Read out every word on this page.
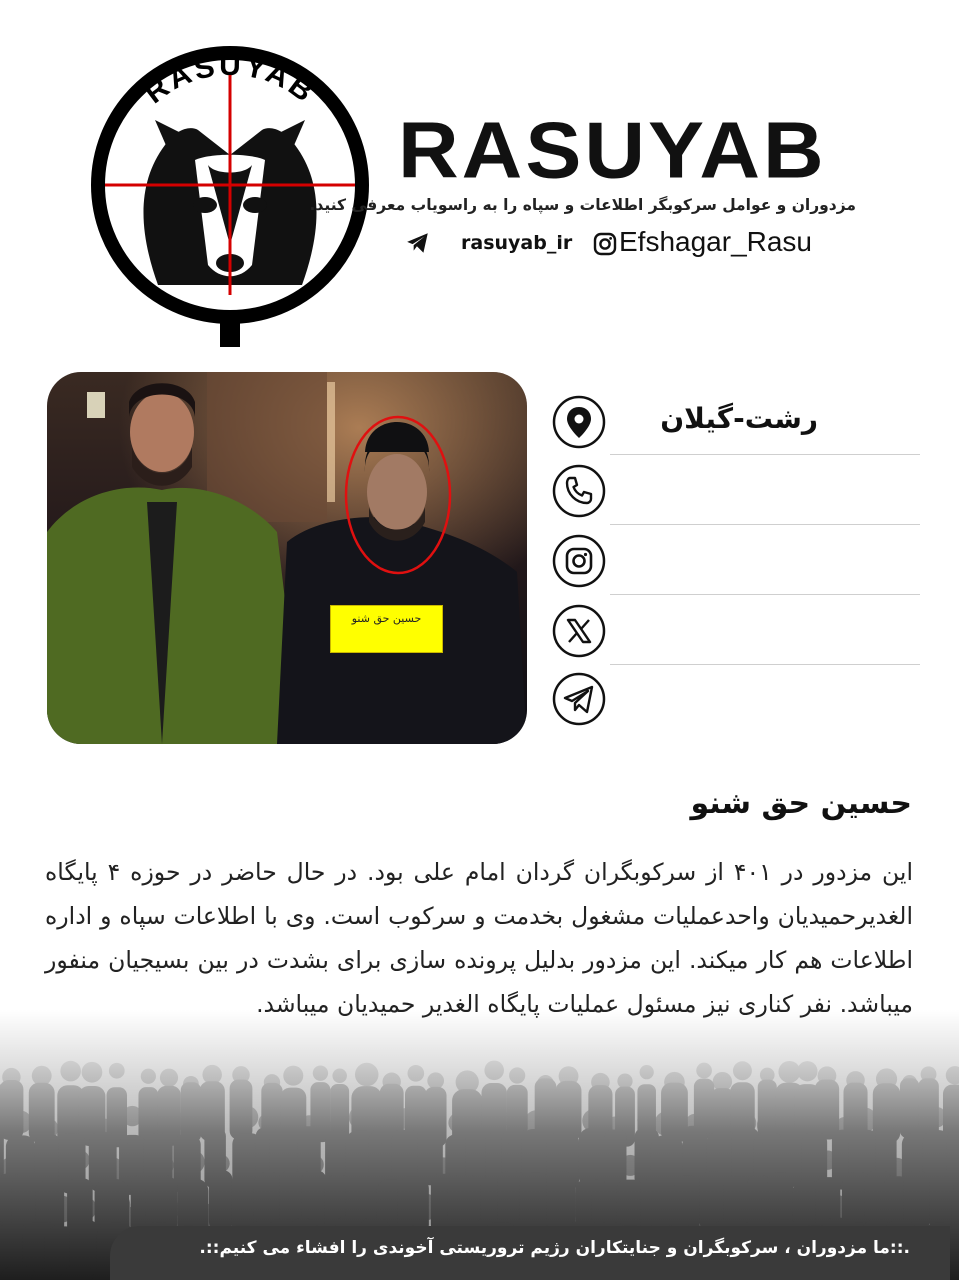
RASUYAB
RASUYAB
مزدوران و عوامل سرکوبگر اطلاعات و سپاه را به راسویاب معرفی کنید.
rasuyab_ir Efshagar_Rasu
حسین حق شنو
رشت-گیلان
حسین حق شنو
این مزدور در ۴۰۱ از سرکوبگران گردان امام علی بود. در حال حاضر در حوزه ۴ پایگاه الغدیرحمیدیان واحدعملیات مشغول بخدمت و سرکوب است. وی با اطلاعات سپاه و اداره اطلاعات هم کار میکند. این مزدور بدلیل پرونده سازی برای بشدت در بین بسیجیان منفور میباشد. نفر کناری نیز مسئول عملیات پایگاه الغدیر حمیدیان میباشد.
.::ما مزدوران ، سرکوبگران و جنایتکاران رژیم تروریستی آخوندی را افشاء می کنیم::.
